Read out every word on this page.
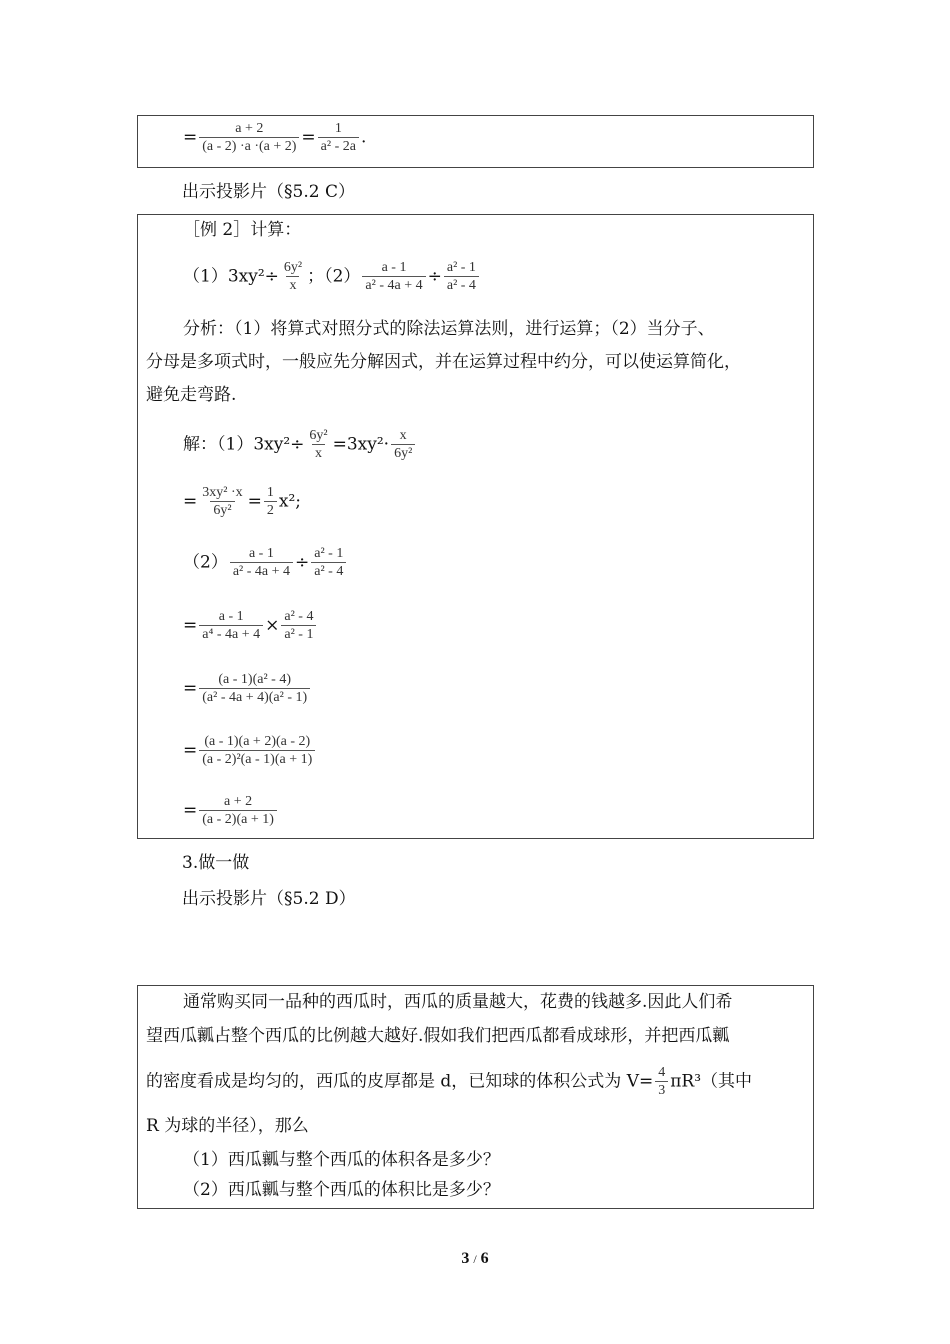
= $\frac{a + 2}{(a - 2) \cdot a \cdot(a + 2)} = \frac{1}{\text{a² - 2a}}$ .
出示投影片（§5.2 C）
［例 2］计算：
$(1)3xy^2\div \frac{\text{6y²}}{x}$ ；$(2) \frac{a - 1}{\text{a² - 4a + 4}} \div \frac{\text{a² - 1}}{\text{a² - 4}}$
分析：（1）将算式对照分式的除法运算法则，进行运算；（2）当分子、
分母是多项式时，一般应先分解因式，并在运算过程中约分，可以使运算简化，
避免走弯路.
解：$(1)3xy^2\div \frac{\text{6y²}}{x} =3xy^2\cdot \frac{x}{\text{6y²}}$
= $\frac{\text{3xy² ·x}}{\text{6y²}} = \frac{1}{2} x^2$;
$(2) \frac{a - 1}{\text{a² - 4a + 4}} \div \frac{\text{a² - 1}}{\text{a² - 4}}$
= $\frac{a - 1}{\text{a⁴ - 4a + 4}} \times \frac{\text{a² - 4}}{\text{a² - 1}}$
= $\frac{\text{(a - 1)(a² - 4)}}{\text{(a² - 4a + 4)(a² - 1)}}$
= $\frac{(a - 1)(a + 2)(a - 2)}{\text{(a - 2)²(a - 1)(a + 1)}}$
= $\frac{a + 2}{(a - 2)(a + 1)}$
3.做一做
出示投影片（§5.2 D）
通常购买同一品种的西瓜时，西瓜的质量越大，花费的钱越多.因此人们希
望西瓜瓤占整个西瓜的比例越大越好.假如我们把西瓜都看成球形，并把西瓜瓤
的密度看成是均匀的，西瓜的皮厚都是 d，已知球的体积公式为 $V= \frac{4}{3} \pi R^3$（其中
R 为球的半径），那么
（1）西瓜瓤与整个西瓜的体积各是多少？
（2）西瓜瓤与整个西瓜的体积比是多少？
3 / 6
